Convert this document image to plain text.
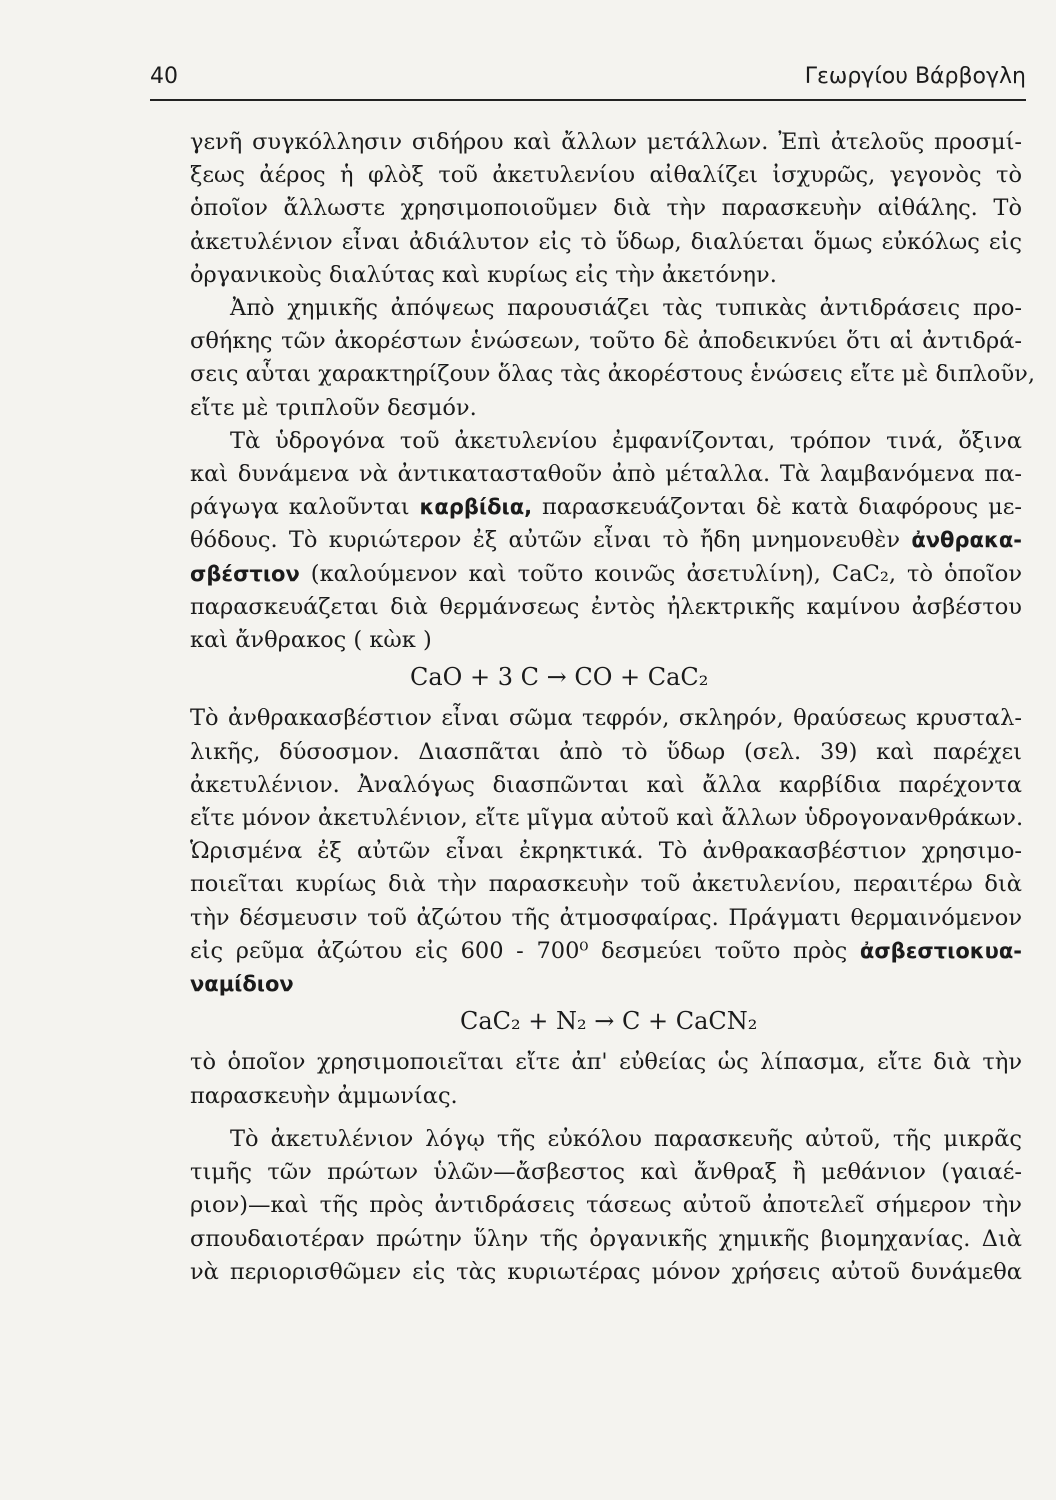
40	Γεωργίου Βάρβογλη
γενῆ συγκόλλησιν σιδήρου καὶ ἄλλων μετάλλων. Ἐπὶ ἀτελοῦς προσμί-
ξεως ἀέρος ἡ φλὸξ τοῦ ἀκετυλενίου αἰθαλίζει ἰσχυρῶς, γεγονὸς τὸ
ὁποῖον ἄλλωστε χρησιμοποιοῦμεν διὰ τὴν παρασκευὴν αἰθάλης. Τὸ
ἀκετυλένιον εἶναι ἀδιάλυτον εἰς τὸ ὕδωρ, διαλύεται ὅμως εὐκόλως εἰς
ὀργανικοὺς διαλύτας καὶ κυρίως εἰς τὴν ἀκετόνην.
Ἀπὸ χημικῆς ἀπόψεως παρουσιάζει τὰς τυπικὰς ἀντιδράσεις προ-
σθήκης τῶν ἀκορέστων ἑνώσεων, τοῦτο δὲ ἀποδεικνύει ὅτι αἱ ἀντιδρά-
σεις αὗται χαρακτηρίζουν ὅλας τὰς ἀκορέστους ἑνώσεις εἴτε μὲ διπλοῦν,
εἴτε μὲ τριπλοῦν δεσμόν.
Τὰ ὑδρογόνα τοῦ ἀκετυλενίου ἐμφανίζονται, τρόπον τινά, ὄξινα
καὶ δυνάμενα νὰ ἀντικατασταθοῦν ἀπὸ μέταλλα. Τὰ λαμβανόμενα πα-
ράγωγα καλοῦνται καρβίδια, παρασκευάζονται δὲ κατὰ διαφόρους με-
θόδους. Τὸ κυριώτερον ἐξ αὐτῶν εἶναι τὸ ἤδη μνημονευθὲν ἀνθρακα-
σβέστιον (καλούμενον καὶ τοῦτο κοινῶς ἀσετυλίνη), CaC₂, τὸ ὁποῖον
παρασκευάζεται διὰ θερμάνσεως ἐντὸς ἠλεκτρικῆς καμίνου ἀσβέστου
καὶ ἄνθρακος ( κὼκ )
CaO + 3 C → CO + CaC₂
Τὸ ἀνθρακασβέστιον εἶναι σῶμα τεφρόν, σκληρόν, θραύσεως κρυσταλ-
λικῆς, δύσοσμον. Διασπᾶται ἀπὸ τὸ ὕδωρ (σελ. 39) καὶ παρέχει
ἀκετυλένιον. Ἀναλόγως διασπῶνται καὶ ἄλλα καρβίδια παρέχοντα
εἴτε μόνον ἀκετυλένιον, εἴτε μῖγμα αὐτοῦ καὶ ἄλλων ὑδρογονανθράκων.
Ὡρισμένα ἐξ αὐτῶν εἶναι ἐκρηκτικά. Τὸ ἀνθρακασβέστιον χρησιμο-
ποιεῖται κυρίως διὰ τὴν παρασκευὴν τοῦ ἀκετυλενίου, περαιτέρω διὰ
τὴν δέσμευσιν τοῦ ἀζώτου τῆς ἀτμοσφαίρας. Πράγματι θερμαινόμενον
εἰς ρεῦμα ἀζώτου εἰς 600 - 700⁰ δεσμεύει τοῦτο πρὸς ἀσβεστιοκυα-
ναμίδιον
CaC₂ + N₂ → C + CaCN₂
τὸ ὁποῖον χρησιμοποιεῖται εἴτε ἀπ' εὐθείας ὡς λίπασμα, εἴτε διὰ τὴν
παρασκευὴν ἀμμωνίας.
Τὸ ἀκετυλένιον λόγῳ τῆς εὐκόλου παρασκευῆς αὐτοῦ, τῆς μικρᾶς
τιμῆς τῶν πρώτων ὑλῶν—ἄσβεστος καὶ ἄνθραξ ἢ μεθάνιον (γαιαέ-
ριον)—καὶ τῆς πρὸς ἀντιδράσεις τάσεως αὐτοῦ ἀποτελεῖ σήμερον τὴν
σπουδαιοτέραν πρώτην ὕλην τῆς ὀργανικῆς χημικῆς βιομηχανίας. Διὰ
νὰ περιορισθῶμεν εἰς τὰς κυριωτέρας μόνον χρήσεις αὐτοῦ δυνάμεθα
